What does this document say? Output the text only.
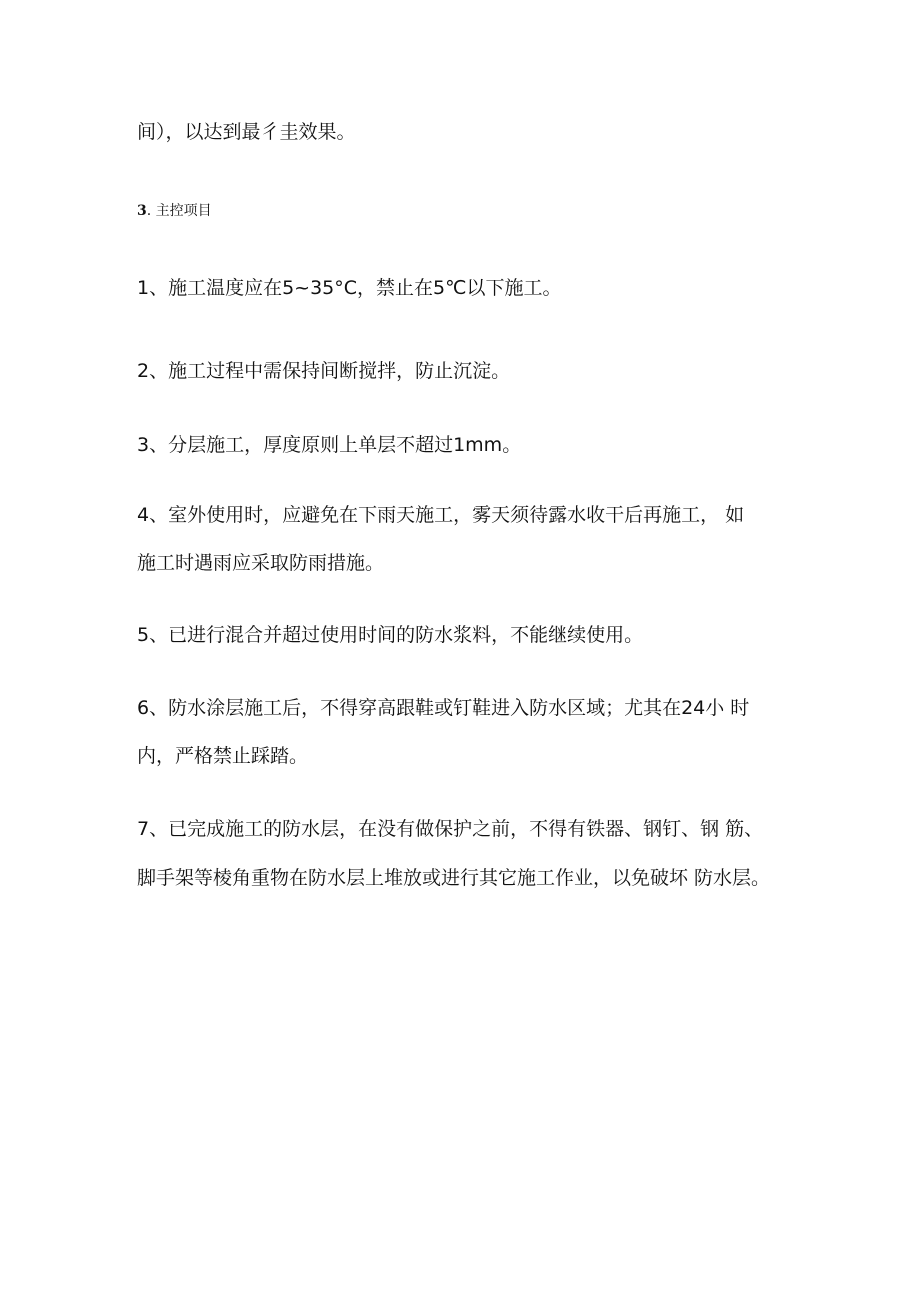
间），以达到最彳圭效果。
3. 主控项目
1、施工温度应在5~35°C，禁止在5℃以下施工。
2、施工过程中需保持间断搅拌，防止沉淀。
3、分层施工，厚度原则上单层不超过1mm。
4、室外使用时，应避免在下雨天施工，雾天须待露水收干后再施工， 如
施工时遇雨应采取防雨措施。
5、已进行混合并超过使用时间的防水浆料，不能继续使用。
6、防水涂层施工后，不得穿高跟鞋或钉鞋进入防水区域；尤其在24小 时
内，严格禁止踩踏。
7、已完成施工的防水层，在没有做保护之前，不得有铁器、钢钉、钢 筋、
脚手架等棱角重物在防水层上堆放或进行其它施工作业，以免破坏 防水层。
